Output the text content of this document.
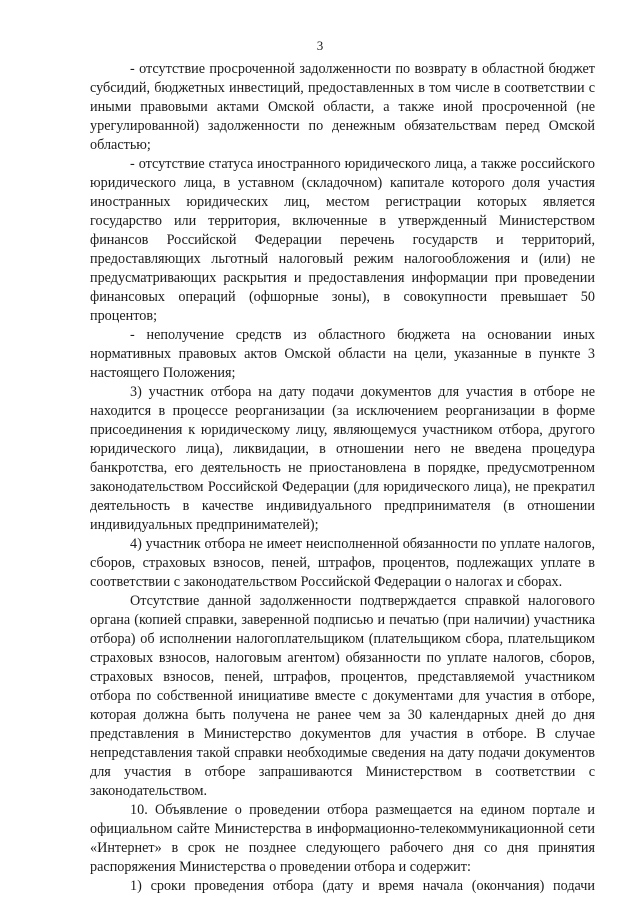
3

- отсутствие просроченной задолженности по возврату в областной бюджет субсидий, бюджетных инвестиций, предоставленных в том числе в соответствии с иными правовыми актами Омской области, а также иной просроченной (не урегулированной) задолженности по денежным обязательствам перед Омской областью;

- отсутствие статуса иностранного юридического лица, а также российского юридического лица, в уставном (складочном) капитале которого доля участия иностранных юридических лиц, местом регистрации которых является государство или территория, включенные в утвержденный Министерством финансов Российской Федерации перечень государств и территорий, предоставляющих льготный налоговый режим налогообложения и (или) не предусматривающих раскрытия и предоставления информации при проведении финансовых операций (офшорные зоны), в совокупности превышает 50 процентов;

- неполучение средств из областного бюджета на основании иных нормативных правовых актов Омской области на цели, указанные в пункте 3 настоящего Положения;

3) участник отбора на дату подачи документов для участия в отборе не находится в процессе реорганизации (за исключением реорганизации в форме присоединения к юридическому лицу, являющемуся участником отбора, другого юридического лица), ликвидации, в отношении него не введена процедура банкротства, его деятельность не приостановлена в порядке, предусмотренном законодательством Российской Федерации (для юридического лица), не прекратил деятельность в качестве индивидуального предпринимателя (в отношении индивидуальных предпринимателей);

4) участник отбора не имеет неисполненной обязанности по уплате налогов, сборов, страховых взносов, пеней, штрафов, процентов, подлежащих уплате в соответствии с законодательством Российской Федерации о налогах и сборах.

Отсутствие данной задолженности подтверждается справкой налогового органа (копией справки, заверенной подписью и печатью (при наличии) участника отбора) об исполнении налогоплательщиком (плательщиком сбора, плательщиком страховых взносов, налоговым агентом) обязанности по уплате налогов, сборов, страховых взносов, пеней, штрафов, процентов, представляемой участником отбора по собственной инициативе вместе с документами для участия в отборе, которая должна быть получена не ранее чем за 30 календарных дней до дня представления в Министерство документов для участия в отборе. В случае непредставления такой справки необходимые сведения на дату подачи документов для участия в отборе запрашиваются Министерством в соответствии с законодательством.

10. Объявление о проведении отбора размещается на едином портале и официальном сайте Министерства в информационно-телекоммуникационной сети «Интернет» в срок не позднее следующего рабочего дня со дня принятия распоряжения Министерства о проведении отбора и содержит:

1) сроки проведения отбора (дату и время начала (окончания) подачи
